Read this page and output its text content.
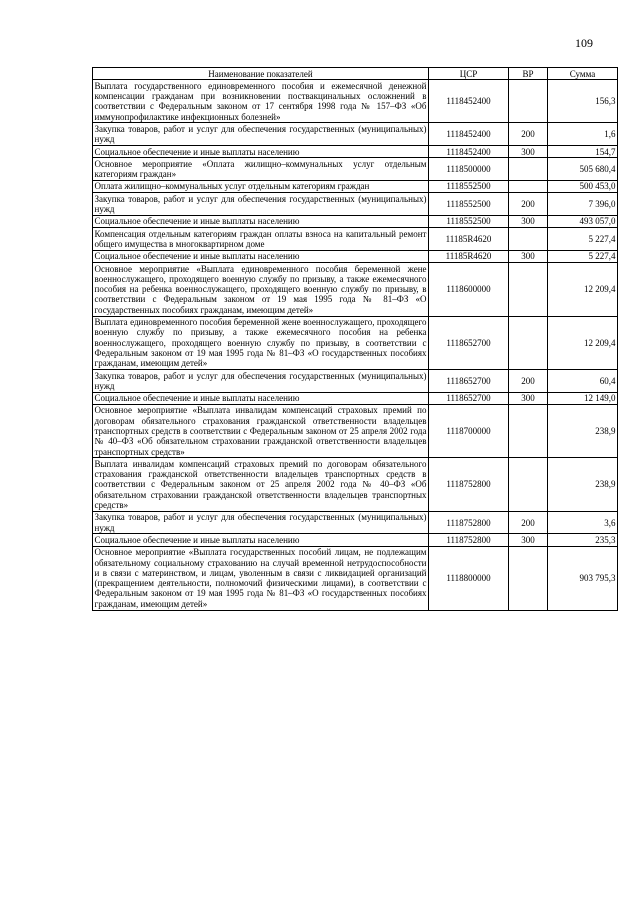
109
Наименование показателей	ЦСР	ВР	Сумма
Выплата государственного единовременного пособия и ежемесячной денежной компенсации гражданам при возникновении поствакцинальных осложнений в соответствии с Федеральным законом от 17 сентября 1998 года № 157–ФЗ «Об иммунопрофилактике инфекционных болезней»	1118452400		156,3
Закупка товаров, работ и услуг для обеспечения государственных (муниципальных) нужд	1118452400	200	1,6
Социальное обеспечение и иные выплаты населению	1118452400	300	154,7
Основное мероприятие «Оплата жилищно–коммунальных услуг отдельным категориям граждан»	1118500000		505 680,4
Оплата жилищно–коммунальных услуг отдельным категориям граждан	1118552500		500 453,0
Закупка товаров, работ и услуг для обеспечения государственных (муниципальных) нужд	1118552500	200	7 396,0
Социальное обеспечение и иные выплаты населению	1118552500	300	493 057,0
Компенсация отдельным категориям граждан оплаты взноса на капитальный ремонт общего имущества в многоквартирном доме	11185R4620		5 227,4
Социальное обеспечение и иные выплаты населению	11185R4620	300	5 227,4
Основное мероприятие «Выплата единовременного пособия беременной жене военнослужащего, проходящего военную службу по призыву, а также ежемесячного пособия на ребенка военнослужащего, проходящего военную службу по призыву, в соответствии с Федеральным законом от 19 мая 1995 года № 81–ФЗ «О государственных пособиях гражданам, имеющим детей»	1118600000		12 209,4
Выплата единовременного пособия беременной жене военнослужащего, проходящего военную службу по призыву, а также ежемесячного пособия на ребенка военнослужащего, проходящего военную службу по призыву, в соответствии с Федеральным законом от 19 мая 1995 года № 81–ФЗ «О государственных пособиях гражданам, имеющим детей»	1118652700		12 209,4
Закупка товаров, работ и услуг для обеспечения государственных (муниципальных) нужд	1118652700	200	60,4
Социальное обеспечение и иные выплаты населению	1118652700	300	12 149,0
Основное мероприятие «Выплата инвалидам компенсаций страховых премий по договорам обязательного страхования гражданской ответственности владельцев транспортных средств в соответствии с Федеральным законом от 25 апреля 2002 года № 40–ФЗ «Об обязательном страховании гражданской ответственности владельцев транспортных средств»	1118700000		238,9
Выплата инвалидам компенсаций страховых премий по договорам обязательного страхования гражданской ответственности владельцев транспортных средств в соответствии с Федеральным законом от 25 апреля 2002 года № 40–ФЗ «Об обязательном страховании гражданской ответственности владельцев транспортных средств»	1118752800		238,9
Закупка товаров, работ и услуг для обеспечения государственных (муниципальных) нужд	1118752800	200	3,6
Социальное обеспечение и иные выплаты населению	1118752800	300	235,3
Основное мероприятие «Выплата государственных пособий лицам, не подлежащим обязательному социальному страхованию на случай временной нетрудоспособности и в связи с материнством, и лицам, уволенным в связи с ликвидацией организаций (прекращением деятельности, полномочий физическими лицами), в соответствии с Федеральным законом от 19 мая 1995 года № 81–ФЗ «О государственных пособиях гражданам, имеющим детей»	1118800000		903 795,3
